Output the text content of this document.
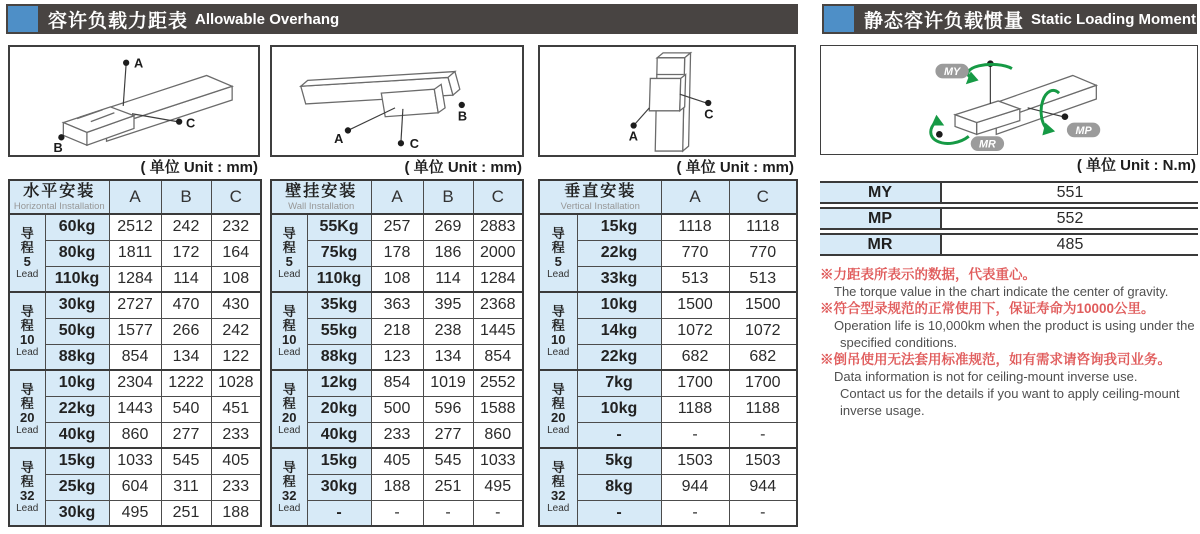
容许负载力距表 Allowable Overhang	静态容许负载惯量 Static Loading Moment
A
B
C
( 单位 Unit : mm)
水平安装
Horizontal Installation		A	B	C

导
程
5
Lead	60kg	2512	242	232
	80kg	1811	172	164
	110kg	1284	114	108

导
程
10
Lead	30kg	2727	470	430
	50kg	1577	266	242
	88kg	854	134	122

导
程
20
Lead	10kg	2304	1222	1028
	22kg	1443	540	451
	40kg	860	277	233

导
程
32
Lead	15kg	1033	545	405
	25kg	604	311	233
	30kg	495	251	188
A
B
C
( 单位 Unit : mm)
壁挂安装
Wall Installation		A	B	C

导
程
5
Lead	55Kg	257	269	2883
	75kg	178	186	2000
	110kg	108	114	1284

导
程
10
Lead	35kg	363	395	2368
	55kg	218	238	1445
	88kg	123	134	854

导
程
20
Lead	12kg	854	1019	2552
	20kg	500	596	1588
	40kg	233	277	860

导
程
32
Lead	15kg	405	545	1033
	30kg	188	251	495
	-	-	-	-
A
C
( 单位 Unit : mm)
垂直安装
Vertical Installation		A	C

导
程
5
Lead	15kg	1118	1118
	22kg	770	770
	33kg	513	513

导
程
10
Lead	10kg	1500	1500
	14kg	1072	1072
	22kg	682	682

导
程
20
Lead	7kg	1700	1700
	10kg	1188	1188
	-	-	-

导
程
32
Lead	5kg	1503	1503
	8kg	944	944
	-	-	-
MY
MP
MR
( 单位 Unit : N.m)
MY	551
MP	552
MR	485
※力距表所表示的数据，代表重心。
The torque value in the chart indicate the center of gravity.
※符合型录规范的正常使用下，保证寿命为10000公里。
Operation life is 10,000km when the product is using under the
specified conditions.
※倒吊使用无法套用标准规范，如有需求请咨询我司业务。
Data information is not for ceiling-mount inverse use.
Contact us for the details if you want to apply ceiling-mount
inverse usage.
